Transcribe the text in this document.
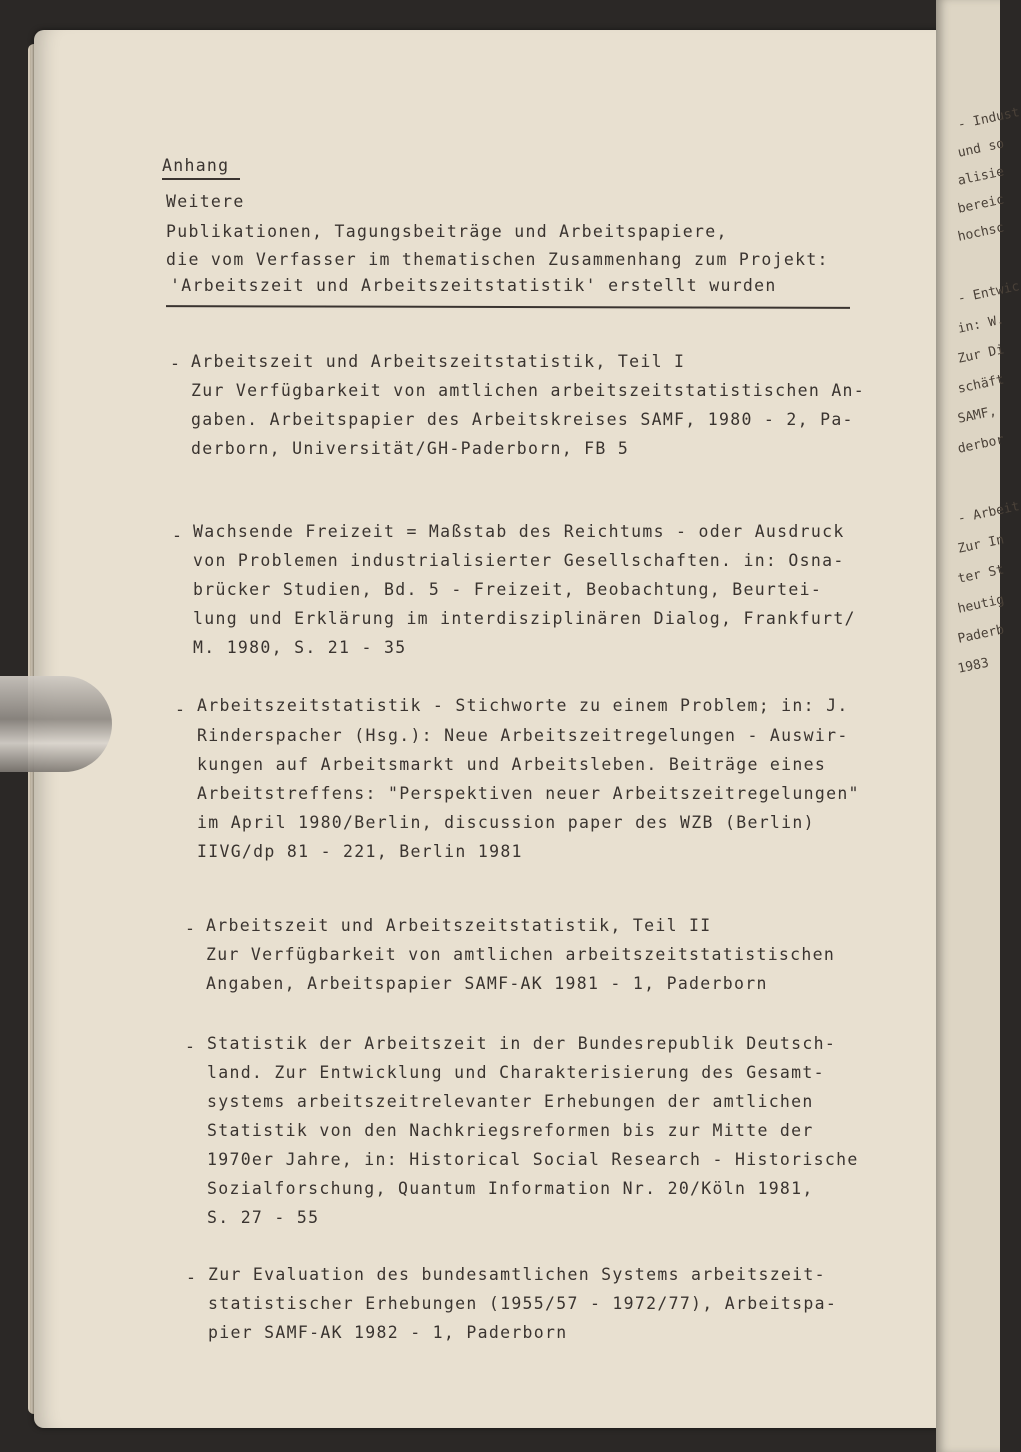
- Indust
und so
alisie
bereic
hochsc
- Entwic
in: W.
Zur Di
schäft
SAMF,
derbor
- Arbeit
Zur In
ter St
heutig
Paderb
1983
Anhang
Weitere
Publikationen, Tagungsbeiträge und Arbeitspapiere,
die vom Verfasser im thematischen Zusammenhang zum Projekt:
'Arbeitszeit und Arbeitszeitstatistik' erstellt wurden
- Arbeitszeit und Arbeitszeitstatistik, Teil I
Zur Verfügbarkeit von amtlichen arbeitszeitstatistischen An-
gaben. Arbeitspapier des Arbeitskreises SAMF, 1980 - 2, Pa-
derborn, Universität/GH-Paderborn, FB 5
- Wachsende Freizeit = Maßstab des Reichtums - oder Ausdruck
von Problemen industrialisierter Gesellschaften. in: Osna-
brücker Studien, Bd. 5 - Freizeit, Beobachtung, Beurtei-
lung und Erklärung im interdisziplinären Dialog, Frankfurt/
M. 1980, S. 21 - 35
- Arbeitszeitstatistik - Stichworte zu einem Problem; in: J.
Rinderspacher (Hsg.): Neue Arbeitszeitregelungen - Auswir-
kungen auf Arbeitsmarkt und Arbeitsleben. Beiträge eines
Arbeitstreffens: "Perspektiven neuer Arbeitszeitregelungen"
im April 1980/Berlin, discussion paper des WZB (Berlin)
IIVG/dp 81 - 221, Berlin 1981
- Arbeitszeit und Arbeitszeitstatistik, Teil II
Zur Verfügbarkeit von amtlichen arbeitszeitstatistischen
Angaben, Arbeitspapier SAMF-AK 1981 - 1, Paderborn
- Statistik der Arbeitszeit in der Bundesrepublik Deutsch-
land. Zur Entwicklung und Charakterisierung des Gesamt-
systems arbeitszeitrelevanter Erhebungen der amtlichen
Statistik von den Nachkriegsreformen bis zur Mitte der
1970er Jahre, in: Historical Social Research - Historische
Sozialforschung, Quantum Information Nr. 20/Köln 1981,
S. 27 - 55
- Zur Evaluation des bundesamtlichen Systems arbeitszeit-
statistischer Erhebungen (1955/57 - 1972/77), Arbeitspa-
pier SAMF-AK 1982 - 1, Paderborn
